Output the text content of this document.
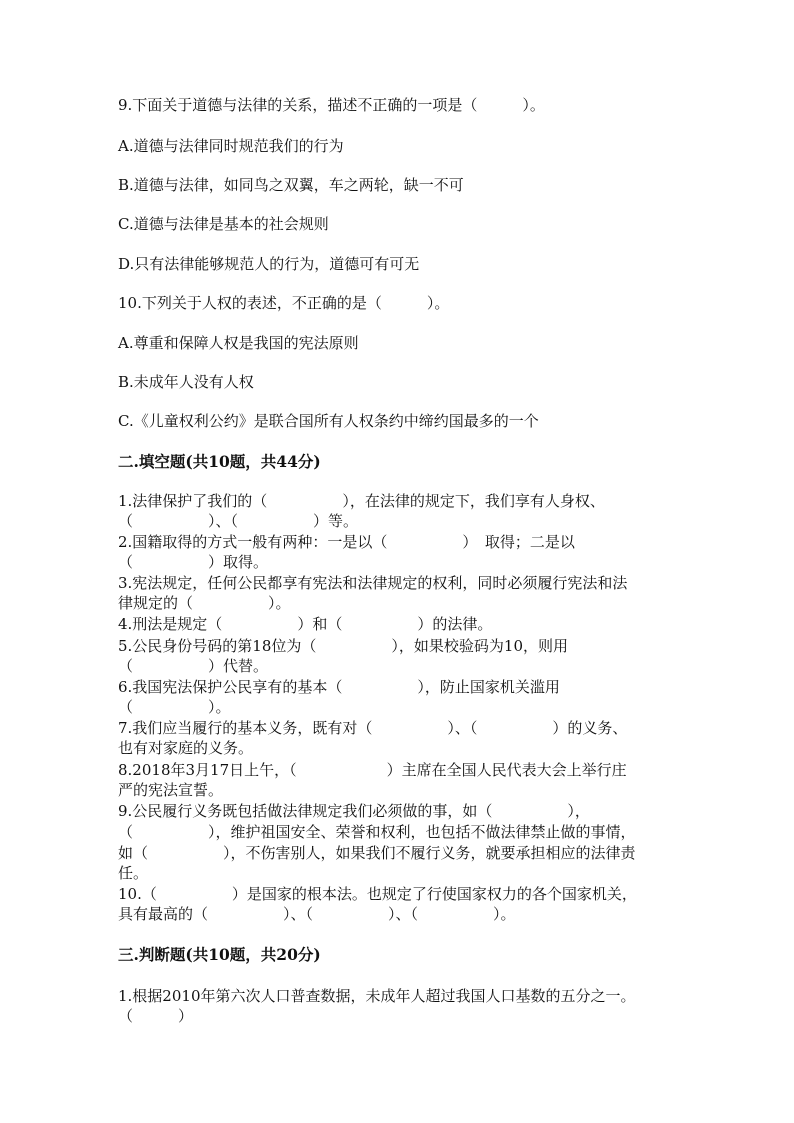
9.下面关于道德与法律的关系，描述不正确的一项是（　　　）。
A.道德与法律同时规范我们的行为
B.道德与法律，如同鸟之双翼，车之两轮，缺一不可
C.道德与法律是基本的社会规则
D.只有法律能够规范人的行为，道德可有可无
10.下列关于人权的表述，不正确的是（　　　）。
A.尊重和保障人权是我国的宪法原则
B.未成年人没有人权
C.《儿童权利公约》是联合国所有人权条约中缔约国最多的一个
二.填空题(共10题，共44分)
1.法律保护了我们的（　　　　　），在法律的规定下，我们享有人身权、
（　　　　　）、（　　　　　）等。
2.国籍取得的方式一般有两种：一是以（　　　　　）　取得；二是以
（　　　　　）取得。
3.宪法规定，任何公民都享有宪法和法律规定的权利，同时必须履行宪法和法
律规定的（　　　　　）。
4.刑法是规定（　　　　　）和（　　　　　）的法律。
5.公民身份号码的第18位为（　　　　　），如果校验码为10，则用
（　　　　　）代替。
6.我国宪法保护公民享有的基本（　　　　　），防止国家机关滥用
（　　　　　）。
7.我们应当履行的基本义务，既有对（　　　　　）、（　　　　　）的义务、
也有对家庭的义务。
8.2018年3月17日上午，（　　　　　　）主席在全国人民代表大会上举行庄
严的宪法宣誓。
9.公民履行义务既包括做法律规定我们必须做的事，如（　　　　　），
（　　　　　），维护祖国安全、荣誉和权利，也包括不做法律禁止做的事情，
如（　　　　　），不伤害别人，如果我们不履行义务，就要承担相应的法律责
任。
10.（　　　　　）是国家的根本法。也规定了行使国家权力的各个国家机关，
具有最高的（　　　　　）、（　　　　　）、（　　　　　）。
三.判断题(共10题，共20分)
1.根据2010年第六次人口普查数据，未成年人超过我国人口基数的五分之一。
（　　　）
